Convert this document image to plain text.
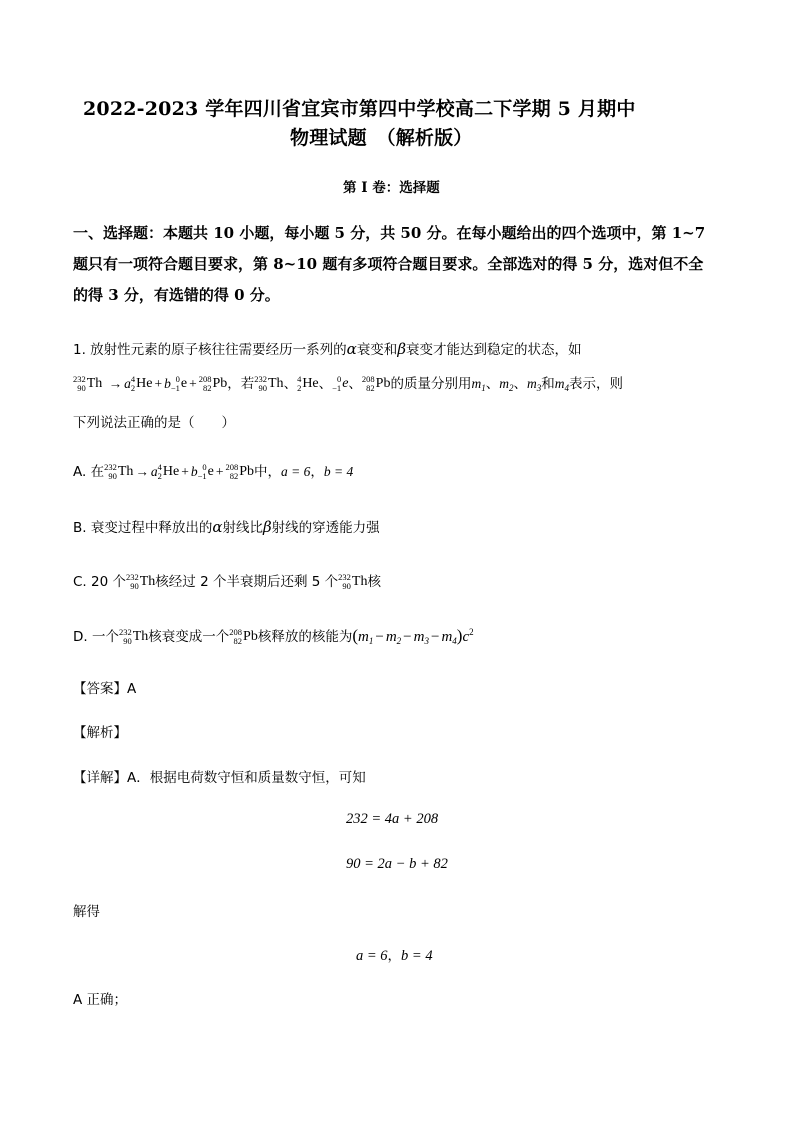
2022-2023 学年四川省宜宾市第四中学校高二下学期 5 月期中
物理试题　（解析版）
第 I 卷：选择题
一、选择题：本题共 10 小题，每小题 5 分，共 50 分。在每小题给出的四个选项中，第 1~7
题只有一项符合题目要求，第 8~10 题有多项符合题目要求。全部选对的得 5 分，选对但不全
的得 3 分，有选错的得 0 分。
1. 放射性元素的原子核往往需要经历一系列的α衰变和β衰变才能达到稳定的状态，如
232
90 Th → a 4
2 He + b 0
−1 e + 208
82 Pb ，若 232
90 Th 、 4
2 He 、 0
−1 e 、 208
82 Pb 的质量分别用$m_1$、$m_2$、$m_3$和$m_4$表示，则
下列说法正确的是（　　）
A. 在 232
90 Th → a 4
2 He + b 0
−1 e + 208
82 Pb 中，a = 6，b = 4
B. 衰变过程中释放出的α射线比β射线的穿透能力强
C. 20 个 232
90 Th 核经过 2 个半衰期后还剩 5 个 232
90 Th 核
D. 一个 232
90 Th 核衰变成一个 208
82 Pb 核释放的核能为$(m_1 - m_2 - m_3 - m_4)c^2$
【答案】A
【解析】
【详解】A．根据电荷数守恒和质量数守恒，可知
232 = 4a + 208
90 = 2a − b + 82
解得
a = 6，b = 4
A 正确；
